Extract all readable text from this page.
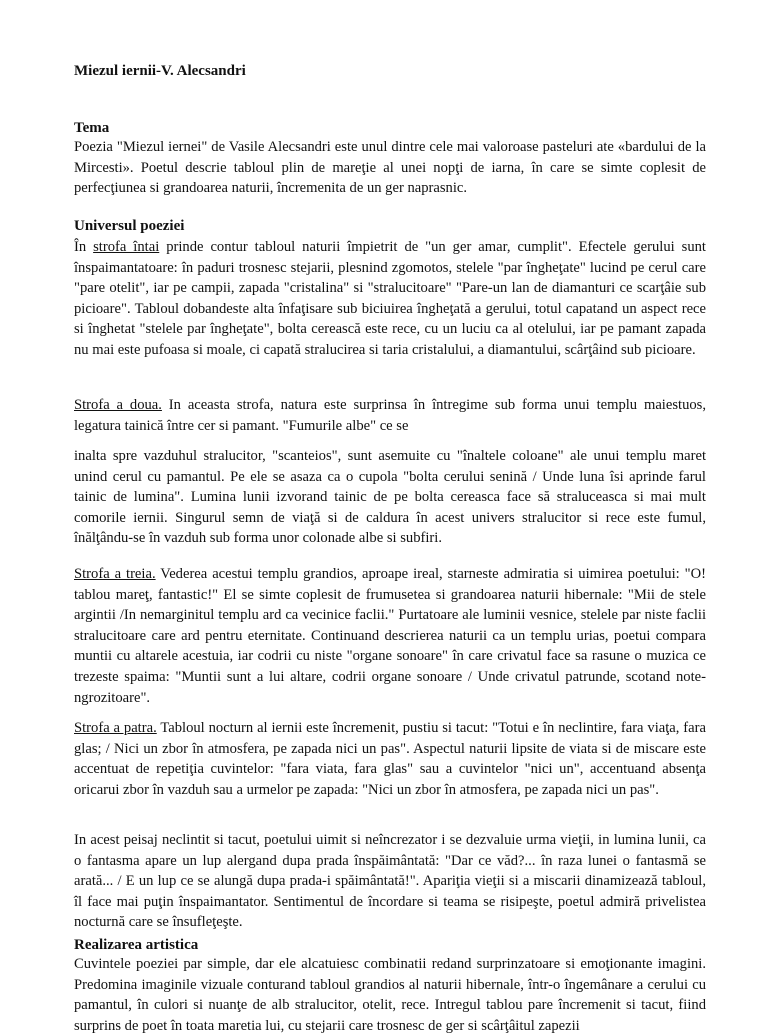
Miezul iernii-V. Alecsandri
Tema

Poezia "Miezul iernei" de Vasile Alecsandri este unul dintre cele mai valoroase pasteluri ate «bardului de la Mircesti». Poetul descrie tabloul plin de mareţie al unei nopţi de iarna, în care se simte coplesit de perfecţiunea si grandoarea naturii, încremenita de un ger naprasnic.

Universul poeziei

În strofa întai prinde contur tabloul naturii împietrit de "un ger amar, cumplit". Efectele gerului sunt înspaimantatoare: în paduri trosnesc stejarii, plesnind zgomotos, stelele "par îngheţate" lucind pe cerul care "pare otelit", iar pe campii, zapada "cristalina" si "stralucitoare" "Pare-un lan de diamanturi ce scarţâie sub picioare". Tabloul dobandeste alta înfaţisare sub biciuirea îngheţată a gerului, totul capatand un aspect rece si înghetat "stelele par îngheţate", bolta cerească este rece, cu un luciu ca al otelului, iar pe pamant zapada nu mai este pufoasa si moale, ci capată stralucirea si taria cristalului, a diamantului, scârţâind sub picioare.

Strofa a doua. In aceasta strofa, natura este surprinsa în întregime sub forma unui templu maiestuos, legatura tainică între cer si pamant. "Fumurile albe" ce se

inalta spre vazduhul stralucitor, "scanteios", sunt asemuite cu "înaltele coloane" ale unui templu maret unind cerul cu pamantul. Pe ele se asaza ca o cupola "bolta cerului senină / Unde luna îsi aprinde farul tainic de lumina". Lumina lunii izvorand tainic de pe bolta cereasca face să straluceasca si mai mult comorile iernii. Singurul semn de viaţă si de caldura în acest univers stralucitor si rece este fumul, înălţându-se în vazduh sub forma unor colonade albe si subfiri.

Strofa a treia. Vederea acestui templu grandios, aproape ireal, starneste admiratia si uimirea poetului: "O! tablou mareţ, fantastic!" El se simte coplesit de frumusetea si grandoarea naturii hibernale: "Mii de stele argintii /In nemarginitul templu ard ca vecinice faclii." Purtatoare ale luminii vesnice, stelele par niste faclii stralucitoare care ard pentru eternitate. Continuand descrierea naturii ca un templu urias, poetui compara muntii cu altarele acestuia, iar codrii cu niste "organe sonoare" în care crivatul face sa rasune o muzica ce trezeste spaima: "Muntii sunt a lui altare, codrii organe sonoare / Unde crivatul patrunde, scotand note-ngrozitoare".

Strofa a patra. Tabloul nocturn al iernii este încremenit, pustiu si tacut: "Totui e în neclintire, fara viaţa, fara glas; / Nici un zbor în atmosfera, pe zapada nici un pas". Aspectul naturii lipsite de viata si de miscare este accentuat de repetiţia cuvintelor: "fara viata, fara glas" sau a cuvintelor "nici un", accentuand absenţa oricarui zbor în vazduh sau a urmelor pe zapada: "Nici un zbor în atmosfera, pe zapada nici un pas".

In acest peisaj neclintit si tacut, poetului uimit si neîncrezator i se dezvaluie urma vieţii, in lumina lunii, ca o fantasma apare un lup alergand dupa prada înspăimântată: "Dar ce văd?... în raza lunei o fantasmă se arată... / E un lup ce se alungă dupa prada-i spăimântată!". Apariţia vieţii si a miscarii dinamizează tabloul, îl face mai puţin înspaimantator. Sentimentul de încordare si teama se risipeşte, poetul admiră privelistea nocturnă care se însufleţeşte.

Realizarea artistica

Cuvintele poeziei par simple, dar ele alcatuiesc combinatii redand surprinzatoare si emoţionante imagini. Predomina imaginile vizuale conturand tabloul grandios al naturii hibernale, într-o îngemânare a cerului cu pamantul, în culori si nuanţe de alb stralucitor, otelit, rece. Intregul tablou pare încremenit si tacut, fiind surprins de poet în toata maretia lui, cu stejarii care trosnesc de ger si scârţâitul zapezii
